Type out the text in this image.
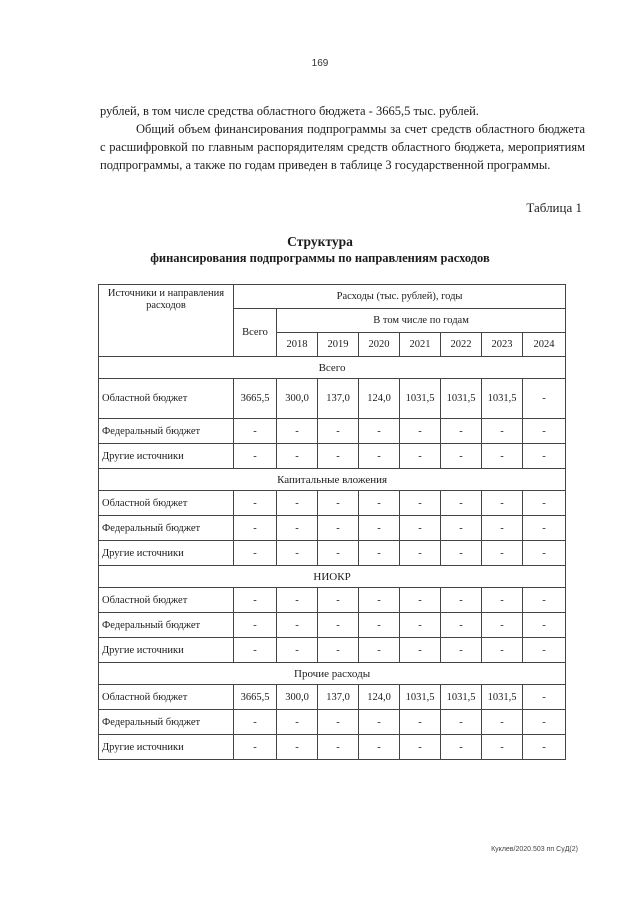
169

рублей, в том числе средства областного бюджета - 3665,5 тыс. рублей.

Общий объем финансирования подпрограммы за счет средств областного бюджета с расшифровкой по главным распорядителям средств областного бюджета, мероприятиям подпрограммы, а также по годам приведен в таблице 3 государственной программы.

Таблица 1
Структура
финансирования подпрограммы по направлениям расходов
Источники и направления расходов	Расходы (тыс. рублей), годы							
	Всего	В том числе по годам						
		2018	2019	2020	2021	2022	2023	2024
Всего								
Областной бюджет	3665,5	300,0	137,0	124,0	1031,5	1031,5	1031,5	-
Федеральный бюджет	-	-	-	-	-	-	-	-
Другие источники	-	-	-	-	-	-	-	-
Капитальные вложения								
Областной бюджет	-	-	-	-	-	-	-	-
Федеральный бюджет	-	-	-	-	-	-	-	-
Другие источники	-	-	-	-	-	-	-	-
НИОКР								
Областной бюджет	-	-	-	-	-	-	-	-
Федеральный бюджет	-	-	-	-	-	-	-	-
Другие источники	-	-	-	-	-	-	-	-
Прочие расходы								
Областной бюджет	3665,5	300,0	137,0	124,0	1031,5	1031,5	1031,5	-
Федеральный бюджет	-	-	-	-	-	-	-	-
Другие источники	-	-	-	-	-	-	-	-
Куклев/2020.503 пп СуД(2)
